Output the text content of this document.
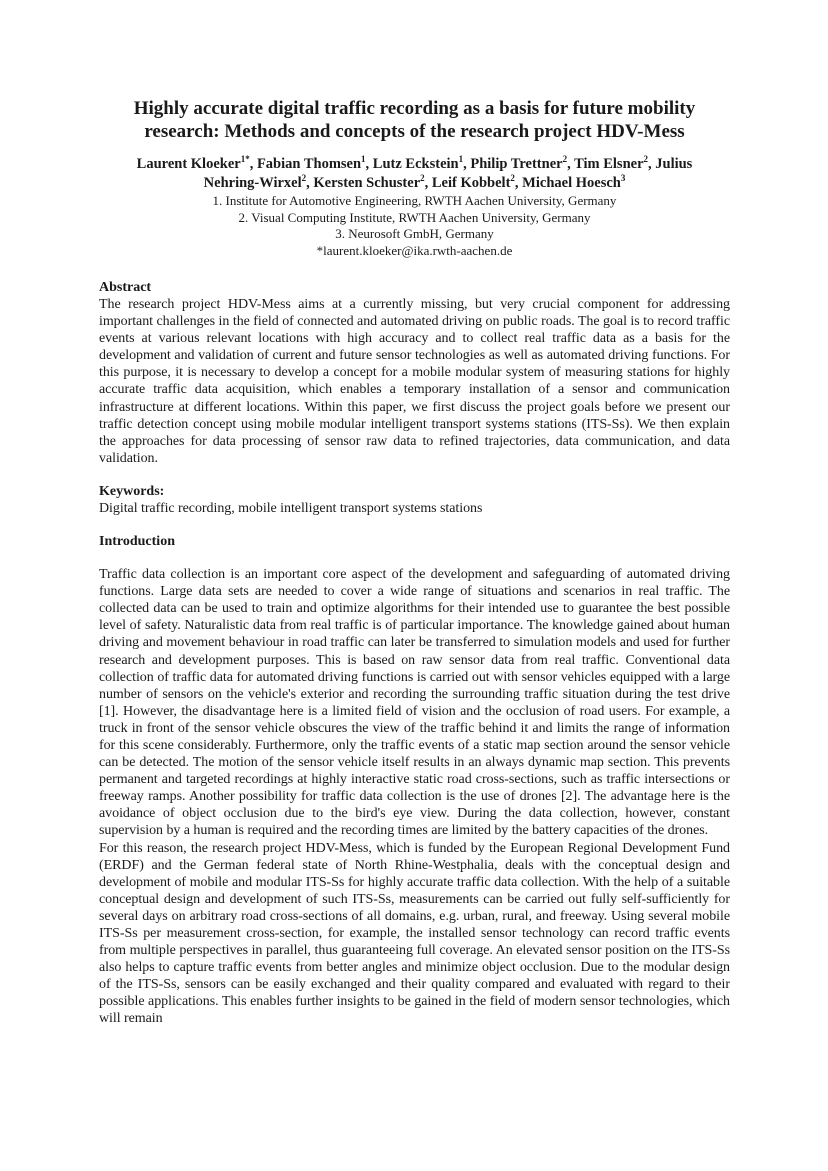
Highly accurate digital traffic recording as a basis for future mobility
research: Methods and concepts of the research project HDV-Mess
Laurent Kloeker$^{1*}$, Fabian Thomsen$^1$, Lutz Eckstein$^1$, Philip Trettner$^2$, Tim Elsner$^2$, Julius
Nehring-Wirxel$^2$, Kersten Schuster$^2$, Leif Kobbelt$^2$, Michael Hoesch$^3$
1. Institute for Automotive Engineering, RWTH Aachen University, Germany
2. Visual Computing Institute, RWTH Aachen University, Germany
3. Neurosoft GmbH, Germany
*laurent.kloeker@ika.rwth-aachen.de
Abstract

The research project HDV-Mess aims at a currently missing, but very crucial component for addressing important challenges in the field of connected and automated driving on public roads. The goal is to record traffic events at various relevant locations with high accuracy and to collect real traffic data as a basis for the development and validation of current and future sensor technologies as well as automated driving functions. For this purpose, it is necessary to develop a concept for a mobile modular system of measuring stations for highly accurate traffic data acquisition, which enables a temporary installation of a sensor and communication infrastructure at different locations. Within this paper, we first discuss the project goals before we present our traffic detection concept using mobile modular intelligent transport systems stations (ITS-Ss). We then explain the approaches for data processing of sensor raw data to refined trajectories, data communication, and data validation.

Keywords:

Digital traffic recording, mobile intelligent transport systems stations

Introduction

Traffic data collection is an important core aspect of the development and safeguarding of automated driving functions. Large data sets are needed to cover a wide range of situations and scenarios in real traffic. The collected data can be used to train and optimize algorithms for their intended use to guarantee the best possible level of safety. Naturalistic data from real traffic is of particular importance. The knowledge gained about human driving and movement behaviour in road traffic can later be transferred to simulation models and used for further research and development purposes. This is based on raw sensor data from real traffic. Conventional data collection of traffic data for automated driving functions is carried out with sensor vehicles equipped with a large number of sensors on the vehicle's exterior and recording the surrounding traffic situation during the test drive [1]. However, the disadvantage here is a limited field of vision and the occlusion of road users. For example, a truck in front of the sensor vehicle obscures the view of the traffic behind it and limits the range of information for this scene considerably. Furthermore, only the traffic events of a static map section around the sensor vehicle can be detected. The motion of the sensor vehicle itself results in an always dynamic map section. This prevents permanent and targeted recordings at highly interactive static road cross-sections, such as traffic intersections or freeway ramps. Another possibility for traffic data collection is the use of drones [2]. The advantage here is the avoidance of object occlusion due to the bird's eye view. During the data collection, however, constant supervision by a human is required and the recording times are limited by the battery capacities of the drones.

For this reason, the research project HDV-Mess, which is funded by the European Regional Development Fund (ERDF) and the German federal state of North Rhine-Westphalia, deals with the conceptual design and development of mobile and modular ITS-Ss for highly accurate traffic data collection. With the help of a suitable conceptual design and development of such ITS-Ss, measurements can be carried out fully self-sufficiently for several days on arbitrary road cross-sections of all domains, e.g. urban, rural, and freeway. Using several mobile ITS-Ss per measurement cross-section, for example, the installed sensor technology can record traffic events from multiple perspectives in parallel, thus guaranteeing full coverage. An elevated sensor position on the ITS-Ss also helps to capture traffic events from better angles and minimize object occlusion. Due to the modular design of the ITS-Ss, sensors can be easily exchanged and their quality compared and evaluated with regard to their possible applications. This enables further insights to be gained in the field of modern sensor technologies, which will remain
